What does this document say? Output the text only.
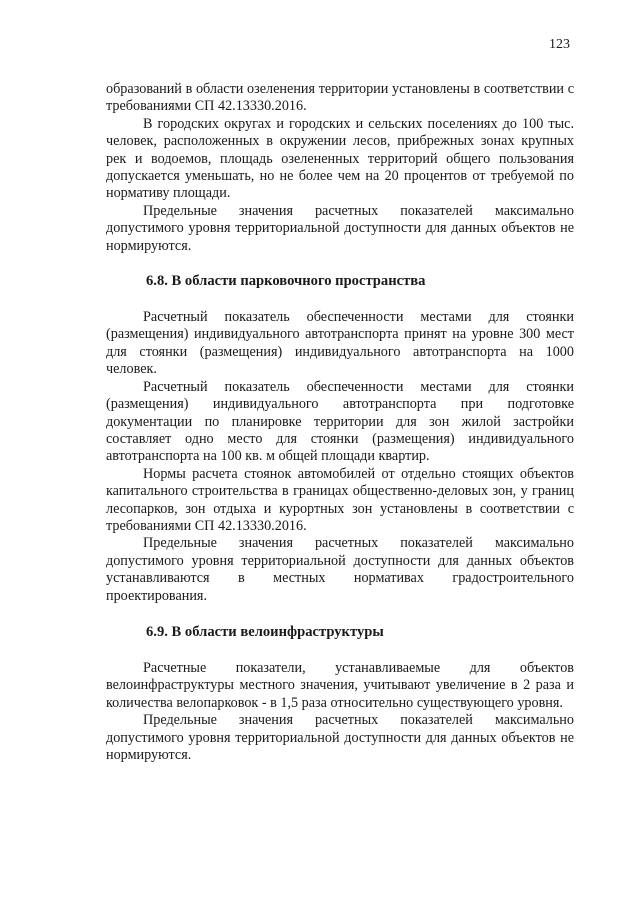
123

образований в области озеленения территории установлены в соответствии с требованиями СП 42.13330.2016.

В городских округах и городских и сельских поселениях до 100 тыс. человек, расположенных в окружении лесов, прибрежных зонах крупных рек и водоемов, площадь озелененных территорий общего пользования допускается уменьшать, но не более чем на 20 процентов от требуемой по нормативу площади.

Предельные значения расчетных показателей максимально допустимого уровня территориальной доступности для данных объектов не нормируются.

6.8. В области парковочного пространства

Расчетный показатель обеспеченности местами для стоянки (размещения) индивидуального автотранспорта принят на уровне 300 мест для стоянки (размещения) индивидуального автотранспорта на 1000 человек.

Расчетный показатель обеспеченности местами для стоянки (размещения) индивидуального автотранспорта при подготовке документации по планировке территории для зон жилой застройки составляет одно место для стоянки (размещения) индивидуального автотранспорта на 100 кв. м общей площади квартир.

Нормы расчета стоянок автомобилей от отдельно стоящих объектов капитального строительства в границах общественно-деловых зон, у границ лесопарков, зон отдыха и курортных зон установлены в соответствии с требованиями СП 42.13330.2016.

Предельные значения расчетных показателей максимально допустимого уровня территориальной доступности для данных объектов устанавливаются в местных нормативах градостроительного проектирования.

6.9. В области велоинфраструктуры

Расчетные показатели, устанавливаемые для объектов велоинфраструктуры местного значения, учитывают увеличение в 2 раза и количества велопарковок - в 1,5 раза относительно существующего уровня.

Предельные значения расчетных показателей максимально допустимого уровня территориальной доступности для данных объектов не нормируются.
